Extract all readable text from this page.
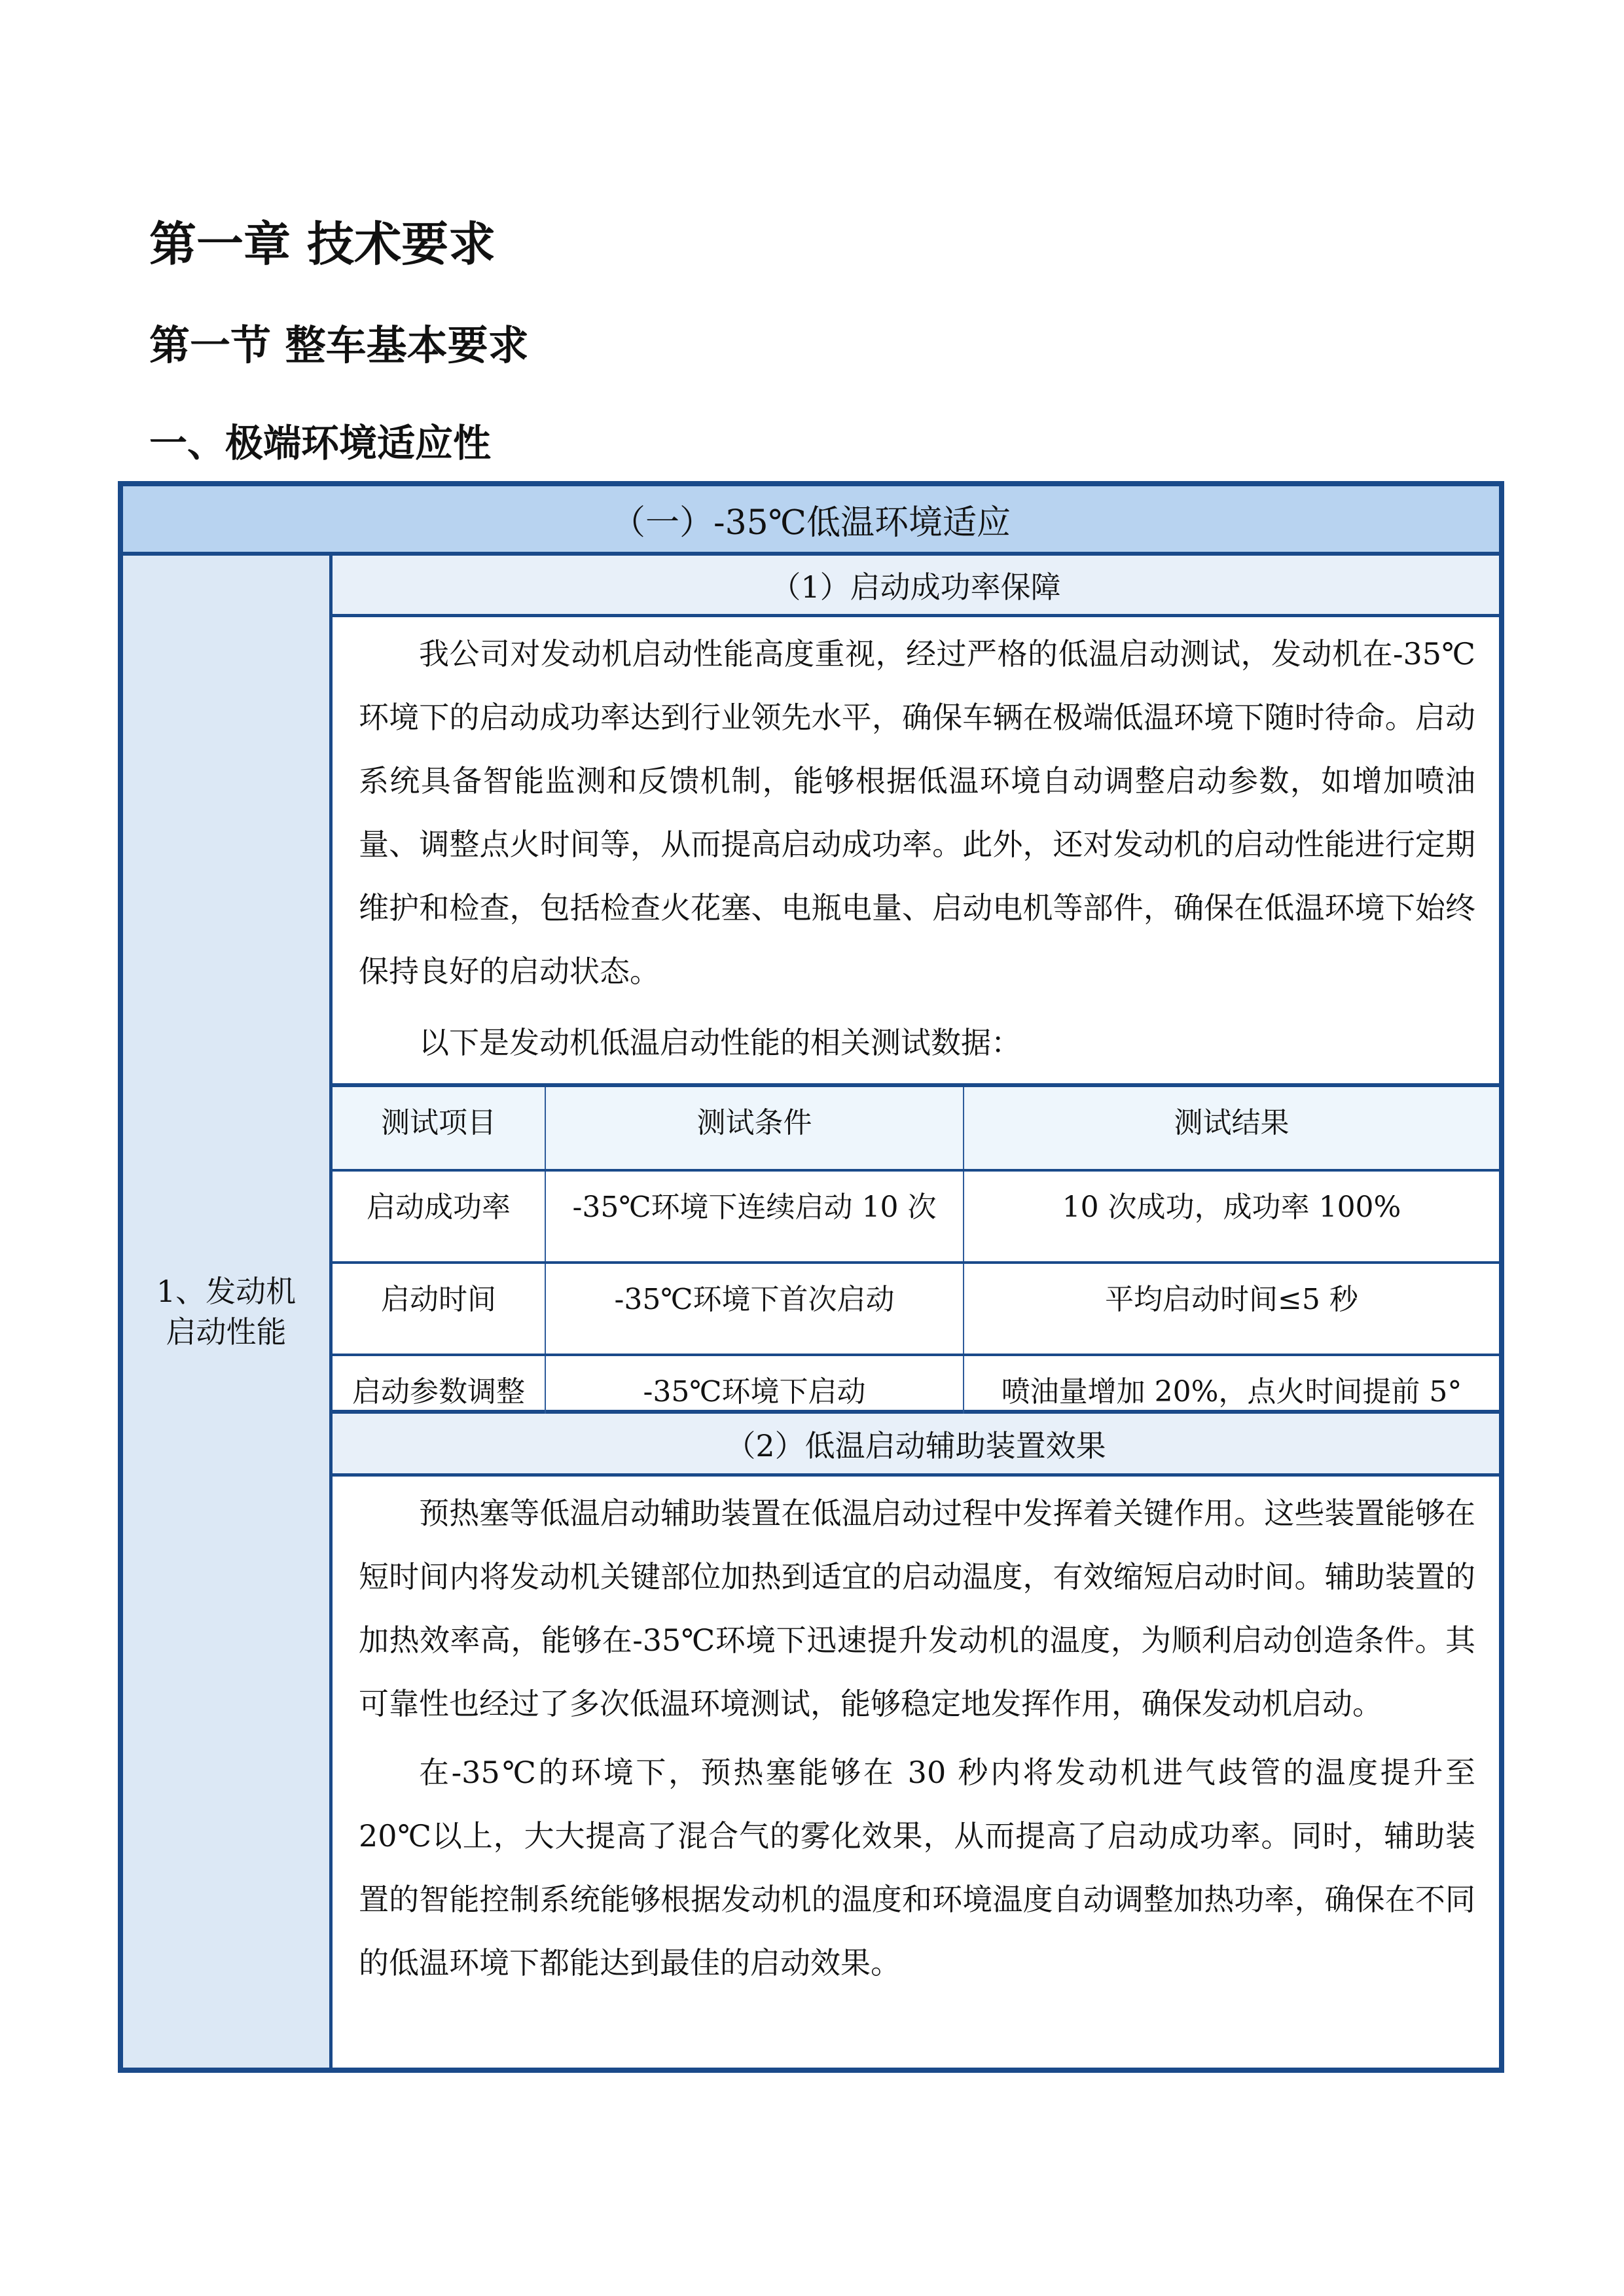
第一章 技术要求
第一节 整车基本要求
一、极端环境适应性
（一）-35℃低温环境适应
1、发动机
启动性能
（1）启动成功率保障

我公司对发动机启动性能高度重视，经过严格的低温启动测试，发动机在-35℃环境下的启动成功率达到行业领先水平，确保车辆在极端低温环境下随时待命。启动系统具备智能监测和反馈机制，能够根据低温环境自动调整启动参数，如增加喷油量、调整点火时间等，从而提高启动成功率。此外，还对发动机的启动性能进行定期维护和检查，包括检查火花塞、电瓶电量、启动电机等部件，确保在低温环境下始终保持良好的启动状态。

以下是发动机低温启动性能的相关测试数据：

测试项目	测试条件	测试结果
启动成功率	-35℃环境下连续启动 10 次	10 次成功，成功率 100%
启动时间	-35℃环境下首次启动	平均启动时间≤5 秒
启动参数调整	-35℃环境下启动	喷油量增加 20%，点火时间提前 5°
（2）低温启动辅助装置效果

预热塞等低温启动辅助装置在低温启动过程中发挥着关键作用。这些装置能够在短时间内将发动机关键部位加热到适宜的启动温度，有效缩短启动时间。辅助装置的加热效率高，能够在-35℃环境下迅速提升发动机的温度，为顺利启动创造条件。其可靠性也经过了多次低温环境测试，能够稳定地发挥作用，确保发动机启动。

在-35℃的环境下，预热塞能够在 30 秒内将发动机进气歧管的温度提升至 20℃以上，大大提高了混合气的雾化效果，从而提高了启动成功率。同时，辅助装置的智能控制系统能够根据发动机的温度和环境温度自动调整加热功率，确保在不同的低温环境下都能达到最佳的启动效果。
